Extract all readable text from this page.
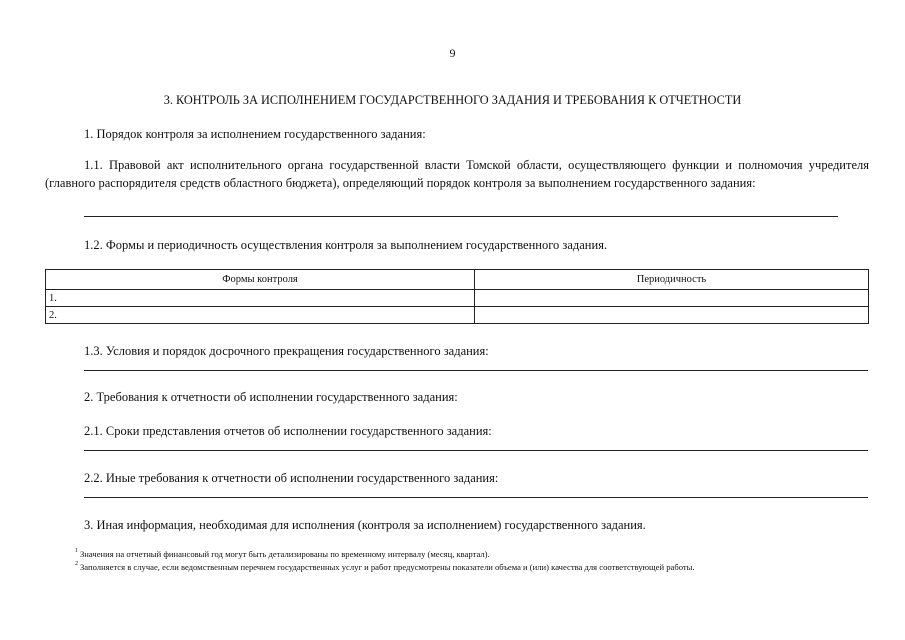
9
3. КОНТРОЛЬ ЗА ИСПОЛНЕНИЕМ ГОСУДАРСТВЕННОГО ЗАДАНИЯ И ТРЕБОВАНИЯ К ОТЧЕТНОСТИ
1. Порядок контроля за исполнением государственного задания:
1.1. Правовой акт исполнительного органа государственной власти Томской области, осуществляющего функции и полномочия учредителя (главного распорядителя средств областного бюджета), определяющий порядок контроля за выполнением государственного задания:
1.2. Формы и периодичность осуществления контроля за выполнением государственного задания.
Формы контроля	Периодичность
1.	
2.	
1.3. Условия и порядок досрочного прекращения государственного задания:
2. Требования к отчетности об исполнении государственного задания:
2.1. Сроки представления отчетов об исполнении государственного задания:
2.2. Иные требования к отчетности об исполнении государственного задания:
3. Иная информация, необходимая для исполнения (контроля за исполнением) государственного задания.
$^1$ Значения на отчетный финансовый год могут быть детализированы по временному интервалу (месяц, квартал).
$^2$ Заполняется в случае, если ведомственным перечнем государственных услуг и работ предусмотрены показатели объема и (или) качества для соответствующей работы.
